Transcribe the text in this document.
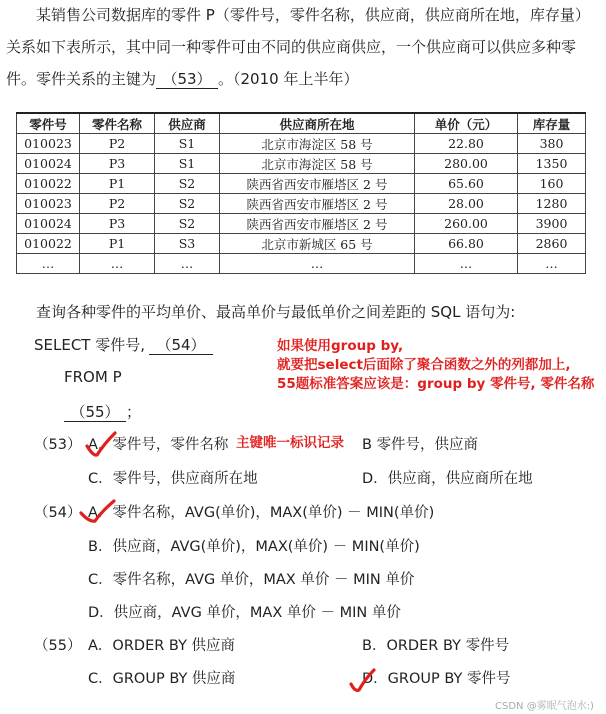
某销售公司数据库的零件 P（零件号，零件名称，供应商，供应商所在地，库存量）
关系如下表所示，其中同一种零件可由不同的供应商供应，一个供应商可以供应多种零
件。零件关系的主键为 （53） 。（2010 年上半年）
零件号	零件名称	供应商	供应商所在地	单价（元）	库存量
010023	P2	S1	北京市海淀区 58 号	22.80	380
010024	P3	S1	北京市海淀区 58 号	280.00	1350
010022	P1	S2	陕西省西安市雁塔区 2 号	65.60	160
010023	P2	S2	陕西省西安市雁塔区 2 号	28.00	1280
010024	P3	S2	陕西省西安市雁塔区 2 号	260.00	3900
010022	P1	S3	北京市新城区 65 号	66.80	2860
…	…	…	…	…	…
查询各种零件的平均单价、最高单价与最低单价之间差距的 SQL 语句为:
SELECT 零件号, （54）
FROM P
（55） ；
如果使用group by,
就要把select后面除了聚合函数之外的列都加上,
55题标准答案应该是：group by 零件号, 零件名称
（53） A．零件号，零件名称 主键唯一标识记录 B 零件号，供应商
C．零件号，供应商所在地	D．供应商，供应商所在地
（54） A．零件名称，AVG(单价)，MAX(单价) － MIN(单价)
B．供应商，AVG(单价)，MAX(单价) － MIN(单价)
C．零件名称，AVG 单价，MAX 单价 － MIN 单价
D．供应商，AVG 单价，MAX 单价 － MIN 单价
（55） A．ORDER BY 供应商	B．ORDER BY 零件号
C．GROUP BY 供应商	D．GROUP BY 零件号
CSDN @雾眠气泡水:)
